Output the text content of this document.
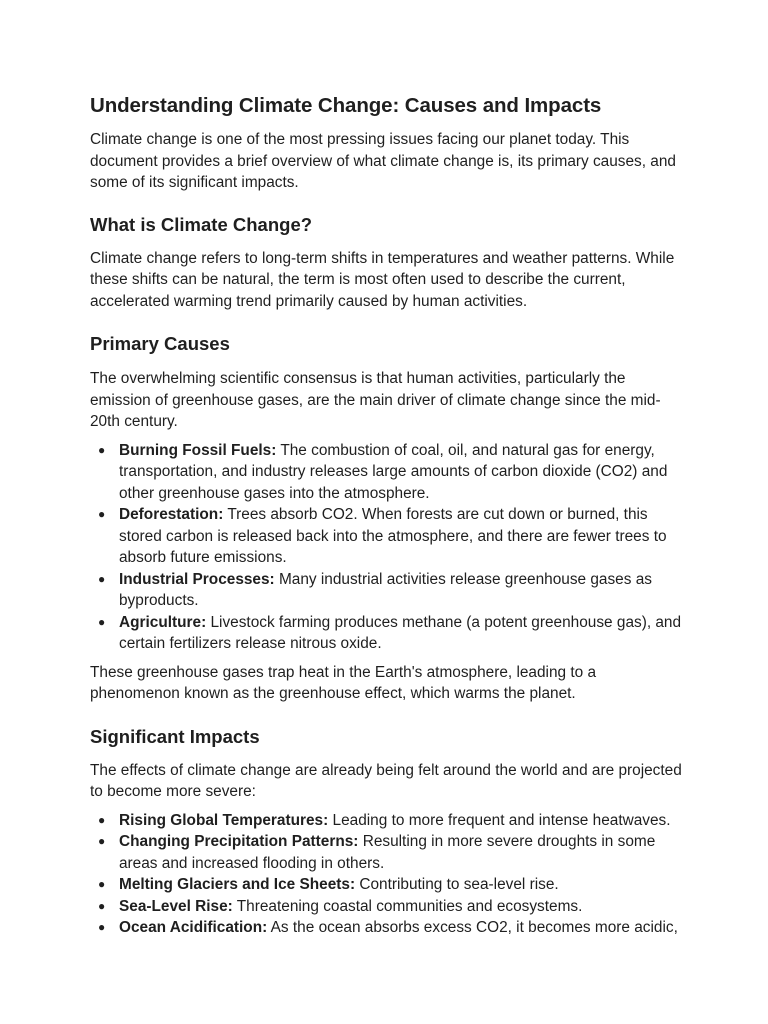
Understanding Climate Change: Causes and Impacts

Climate change is one of the most pressing issues facing our planet today. This document provides a brief overview of what climate change is, its primary causes, and some of its significant impacts.

What is Climate Change?

Climate change refers to long-term shifts in temperatures and weather patterns. While these shifts can be natural, the term is most often used to describe the current, accelerated warming trend primarily caused by human activities.

Primary Causes

The overwhelming scientific consensus is that human activities, particularly the emission of greenhouse gases, are the main driver of climate change since the mid-20th century.

● Burning Fossil Fuels: The combustion of coal, oil, and natural gas for energy, transportation, and industry releases large amounts of carbon dioxide (CO2) and other greenhouse gases into the atmosphere.
● Deforestation: Trees absorb CO2. When forests are cut down or burned, this stored carbon is released back into the atmosphere, and there are fewer trees to absorb future emissions.
● Industrial Processes: Many industrial activities release greenhouse gases as byproducts.
● Agriculture: Livestock farming produces methane (a potent greenhouse gas), and certain fertilizers release nitrous oxide.

These greenhouse gases trap heat in the Earth's atmosphere, leading to a phenomenon known as the greenhouse effect, which warms the planet.

Significant Impacts

The effects of climate change are already being felt around the world and are projected to become more severe:

● Rising Global Temperatures: Leading to more frequent and intense heatwaves.
● Changing Precipitation Patterns: Resulting in more severe droughts in some areas and increased flooding in others.
● Melting Glaciers and Ice Sheets: Contributing to sea-level rise.
● Sea-Level Rise: Threatening coastal communities and ecosystems.
● Ocean Acidification: As the ocean absorbs excess CO2, it becomes more acidic,
